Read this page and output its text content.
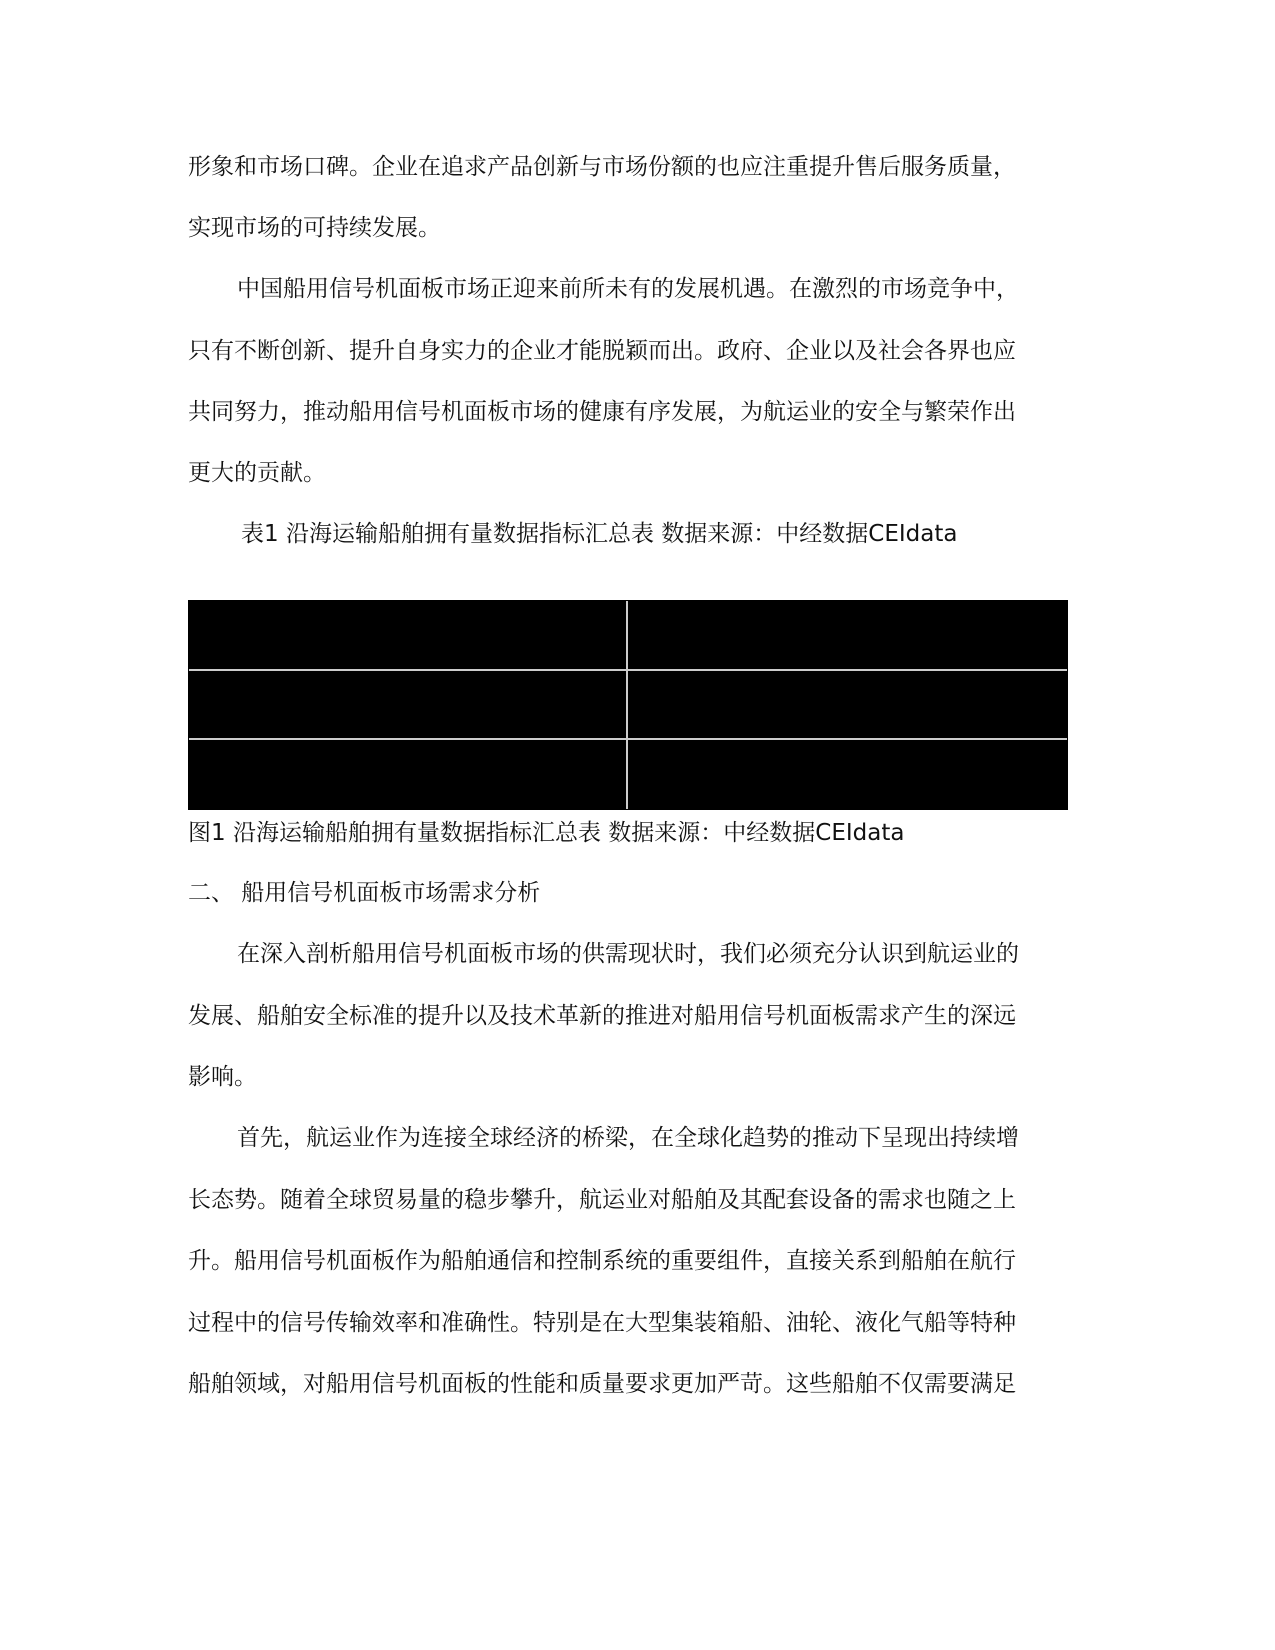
形象和市场口碑。企业在追求产品创新与市场份额的也应注重提升售后服务质量，
实现市场的可持续发展。
中国船用信号机面板市场正迎来前所未有的发展机遇。在激烈的市场竞争中，
只有不断创新、提升自身实力的企业才能脱颖而出。政府、企业以及社会各界也应
共同努力，推动船用信号机面板市场的健康有序发展，为航运业的安全与繁荣作出
更大的贡献。
表1 沿海运输船舶拥有量数据指标汇总表 数据来源：中经数据CEIdata
图1 沿海运输船舶拥有量数据指标汇总表 数据来源：中经数据CEIdata
二、 船用信号机面板市场需求分析
在深入剖析船用信号机面板市场的供需现状时，我们必须充分认识到航运业的
发展、船舶安全标准的提升以及技术革新的推进对船用信号机面板需求产生的深远
影响。
首先，航运业作为连接全球经济的桥梁，在全球化趋势的推动下呈现出持续增
长态势。随着全球贸易量的稳步攀升，航运业对船舶及其配套设备的需求也随之上
升。船用信号机面板作为船舶通信和控制系统的重要组件，直接关系到船舶在航行
过程中的信号传输效率和准确性。特别是在大型集装箱船、油轮、液化气船等特种
船舶领域，对船用信号机面板的性能和质量要求更加严苛。这些船舶不仅需要满足
